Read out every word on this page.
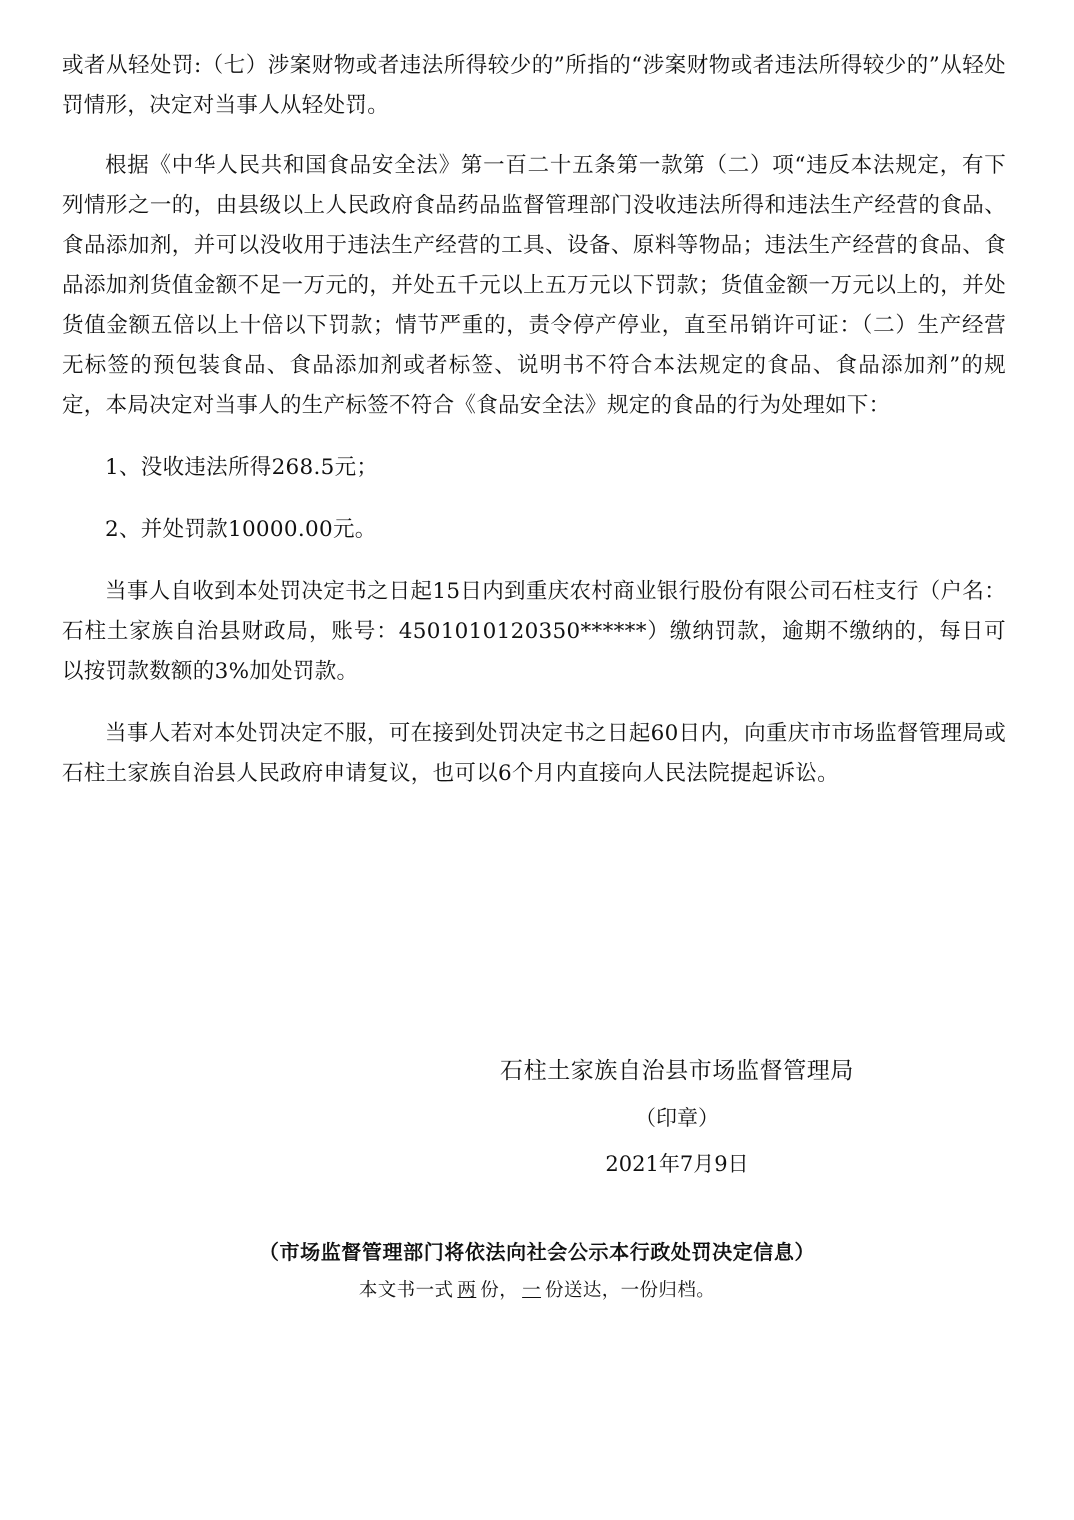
或者从轻处罚:（七）涉案财物或者违法所得较少的”所指的“涉案财物或者违法所得较少的”从轻处罚情形，决定对当事人从轻处罚。

根据《中华人民共和国食品安全法》第一百二十五条第一款第（二）项“违反本法规定，有下列情形之一的，由县级以上人民政府食品药品监督管理部门没收违法所得和违法生产经营的食品、食品添加剂，并可以没收用于违法生产经营的工具、设备、原料等物品；违法生产经营的食品、食品添加剂货值金额不足一万元的，并处五千元以上五万元以下罚款；货值金额一万元以上的，并处货值金额五倍以上十倍以下罚款；情节严重的，责令停产停业，直至吊销许可证：（二）生产经营无标签的预包装食品、食品添加剂或者标签、说明书不符合本法规定的食品、食品添加剂”的规定，本局决定对当事人的生产标签不符合《食品安全法》规定的食品的行为处理如下：

1、没收违法所得268.5元；

2、并处罚款10000.00元。

当事人自收到本处罚决定书之日起15日内到重庆农村商业银行股份有限公司石柱支行（户名：石柱土家族自治县财政局，账号：4501010120350******）缴纳罚款，逾期不缴纳的，每日可以按罚款数额的3%加处罚款。

当事人若对本处罚决定不服，可在接到处罚决定书之日起60日内，向重庆市市场监督管理局或石柱土家族自治县人民政府申请复议，也可以6个月内直接向人民法院提起诉讼。

石柱土家族自治县市场监督管理局
（印章）
2021年7月9日
（市场监督管理部门将依法向社会公示本行政处罚决定信息）
本文书一式 两 份， 一 份送达，一份归档。
